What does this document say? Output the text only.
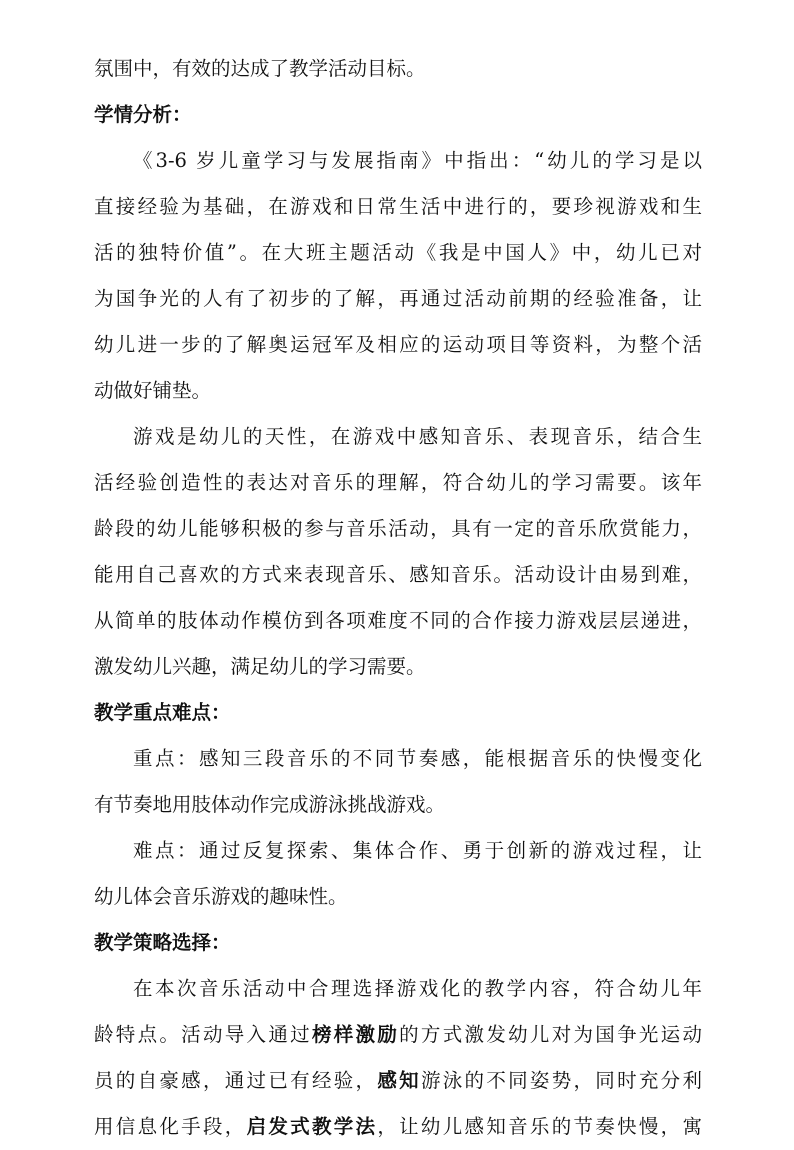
氛围中，有效的达成了教学活动目标。
学情分析：
《3-6 岁儿童学习与发展指南》中指出：“幼儿的学习是以
直接经验为基础，在游戏和日常生活中进行的，要珍视游戏和生
活的独特价值”。在大班主题活动《我是中国人》中，幼儿已对
为国争光的人有了初步的了解，再通过活动前期的经验准备，让
幼儿进一步的了解奥运冠军及相应的运动项目等资料，为整个活
动做好铺垫。
游戏是幼儿的天性，在游戏中感知音乐、表现音乐，结合生
活经验创造性的表达对音乐的理解，符合幼儿的学习需要。该年
龄段的幼儿能够积极的参与音乐活动，具有一定的音乐欣赏能力，
能用自己喜欢的方式来表现音乐、感知音乐。活动设计由易到难，
从简单的肢体动作模仿到各项难度不同的合作接力游戏层层递进，
激发幼儿兴趣，满足幼儿的学习需要。
教学重点难点：
重点：感知三段音乐的不同节奏感，能根据音乐的快慢变化
有节奏地用肢体动作完成游泳挑战游戏。
难点：通过反复探索、集体合作、勇于创新的游戏过程，让
幼儿体会音乐游戏的趣味性。
教学策略选择：
在本次音乐活动中合理选择游戏化的教学内容，符合幼儿年
龄特点。活动导入通过榜样激励的方式激发幼儿对为国争光运动
员的自豪感，通过已有经验，感知游泳的不同姿势，同时充分利
用信息化手段，启发式教学法，让幼儿感知音乐的节奏快慢，寓
